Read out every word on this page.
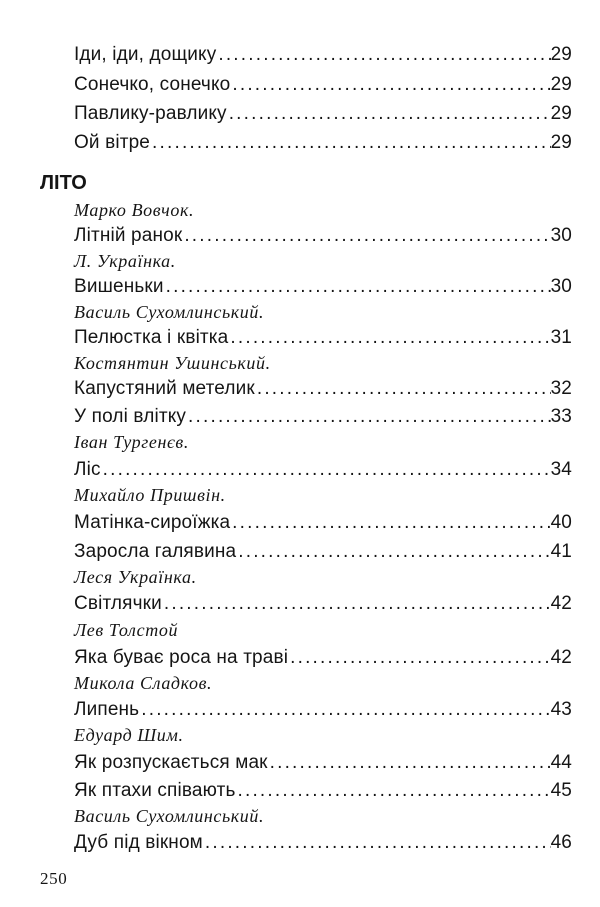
Іди, іди, дощику .....	29
Сонечко, сонечко .....	29
Павлику-равлику .....	29
Ой вітре .....	29
ЛІТО
Марко Вовчок.
Літній ранок .....	30
Л. Українка.
Вишеньки .....	30
Василь Сухомлинський.
Пелюстка і квітка .....	31
Костянтин Ушинський.
Капустяний метелик .....	32
У полі влітку .....	33
Іван Тургенєв.
Ліс .....	34
Михайло Пришвін.
Матінка-сироїжка .....	40
Заросла галявина .....	41
Леся Українка.
Світлячки .....	42
Лев Толстой
Яка буває роса на траві .....	42
Микола Сладков.
Липень .....	43
Едуард Шим.
Як розпускається мак .....	44
Як птахи співають .....	45
Василь Сухомлинський.
Дуб під вікном .....	46
250
